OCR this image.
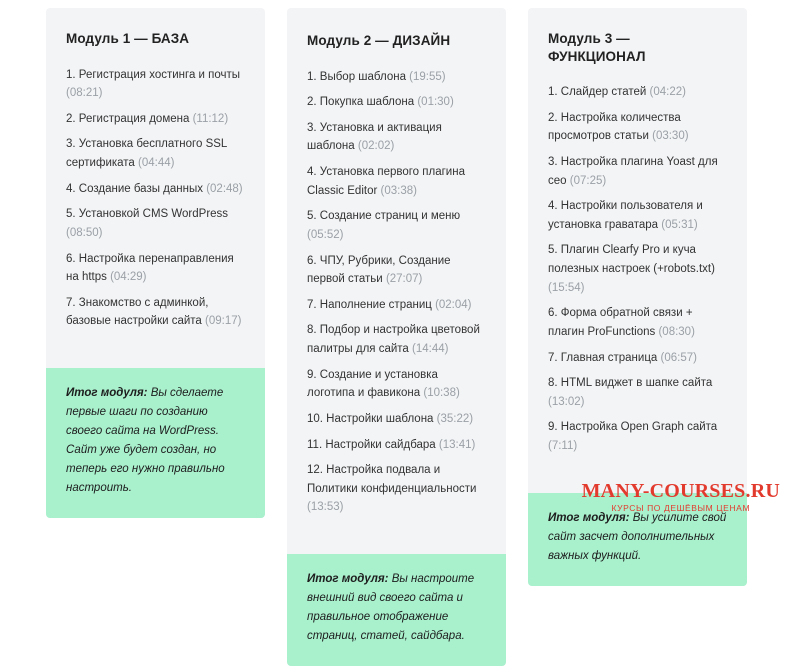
Модуль 1 — БАЗА
1. Регистрация хостинга и почты (08:21)
2. Регистрация домена (11:12)
3. Установка бесплатного SSL сертификата (04:44)
4. Создание базы данных (02:48)
5. Установкой CMS WordPress (08:50)
6. Настройка перенаправления на https (04:29)
7. Знакомство с админкой, базовые настройки сайта (09:17)
Итог модуля: Вы сделаете первые шаги по созданию своего сайта на WordPress. Сайт уже будет создан, но теперь его нужно правильно настроить.
Модуль 2 — ДИЗАЙН
1. Выбор шаблона (19:55)
2. Покупка шаблона (01:30)
3. Установка и активация шаблона (02:02)
4. Установка первого плагина Classic Editor (03:38)
5. Создание страниц и меню (05:52)
6. ЧПУ, Рубрики, Создание первой статьи (27:07)
7. Наполнение страниц (02:04)
8. Подбор и настройка цветовой палитры для сайта (14:44)
9. Создание и установка логотипа и фавикона (10:38)
10. Настройки шаблона (35:22)
11. Настройки сайдбара (13:41)
12. Настройка подвала и Политики конфиденциальности (13:53)
Итог модуля: Вы настроите внешний вид своего сайта и правильное отображение страниц, статей, сайдбара.
Модуль 3 — ФУНКЦИОНАЛ
1. Слайдер статей (04:22)
2. Настройка количества просмотров статьи (03:30)
3. Настройка плагина Yoast для сео (07:25)
4. Настройки пользователя и установка граватара (05:31)
5. Плагин Clearfy Pro и куча полезных настроек (+robots.txt) (15:54)
6. Форма обратной связи + плагин ProFunctions (08:30)
7. Главная страница (06:57)
8. HTML виджет в шапке сайта (13:02)
9. Настройка Open Graph сайта (7:11)
Итог модуля: Вы усилите свой сайт засчет дополнительных важных функций.
MANY-COURSES.RU
КУРСЫ ПО ДЕШЁВЫМ ЦЕНАМ
